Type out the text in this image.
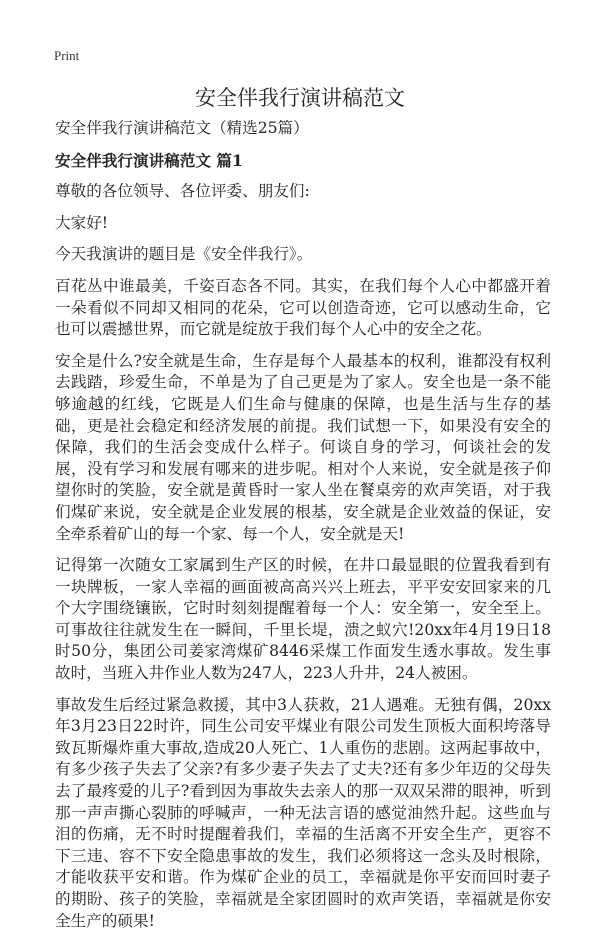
Print
安全伴我行演讲稿范文

安全伴我行演讲稿范文（精选25篇）

安全伴我行演讲稿范文 篇1

尊敬的各位领导、各位评委、朋友们:

大家好!

今天我演讲的题目是《安全伴我行》。

百花丛中谁最美，千姿百态各不同。其实，在我们每个人心中都盛开着一朵看似不同却又相同的花朵，它可以创造奇迹，它可以感动生命，它也可以震撼世界，而它就是绽放于我们每个人心中的安全之花。

安全是什么?安全就是生命，生存是每个人最基本的权利，谁都没有权利去践踏，珍爱生命，不单是为了自己更是为了家人。安全也是一条不能够逾越的红线，它既是人们生命与健康的保障，也是生活与生存的基础，更是社会稳定和经济发展的前提。我们试想一下，如果没有安全的保障，我们的生活会变成什么样子。何谈自身的学习，何谈社会的发展，没有学习和发展有哪来的进步呢。相对个人来说，安全就是孩子仰望你时的笑脸，安全就是黄昏时一家人坐在餐桌旁的欢声笑语，对于我们煤矿来说，安全就是企业发展的根基，安全就是企业效益的保证，安全牵系着矿山的每一个家、每一个人，安全就是天!

记得第一次随女工家属到生产区的时候，在井口最显眼的位置我看到有一块牌板，一家人幸福的画面被高高兴兴上班去，平平安安回家来的几个大字围绕镶嵌，它时时刻刻提醒着每一个人：安全第一，安全至上。可事故往往就发生在一瞬间，千里长堤，溃之蚁穴!20xx年4月19日18时50分，集团公司姜家湾煤矿8446采煤工作面发生透水事故。发生事故时，当班入井作业人数为247人，223人升井，24人被困。

事故发生后经过紧急救援，其中3人获救，21人遇难。无独有偶，20xx年3月23日22时许，同生公司安平煤业有限公司发生顶板大面积垮落导致瓦斯爆炸重大事故,造成20人死亡、1人重伤的悲剧。这两起事故中，有多少孩子失去了父亲?有多少妻子失去了丈夫?还有多少年迈的父母失去了最疼爱的儿子?看到因为事故失去亲人的那一双双呆滞的眼神，听到那一声声撕心裂肺的呼喊声，一种无法言语的感觉油然升起。这些血与泪的伤痛，无不时时提醒着我们，幸福的生活离不开安全生产，更容不下三违、容不下安全隐患事故的发生，我们必须将这一念头及时根除，才能收获平安和谐。作为煤矿企业的员工，幸福就是你平安而回时妻子的期盼、孩子的笑脸，幸福就是全家团圆时的欢声笑语，幸福就是你安全生产的硕果!
